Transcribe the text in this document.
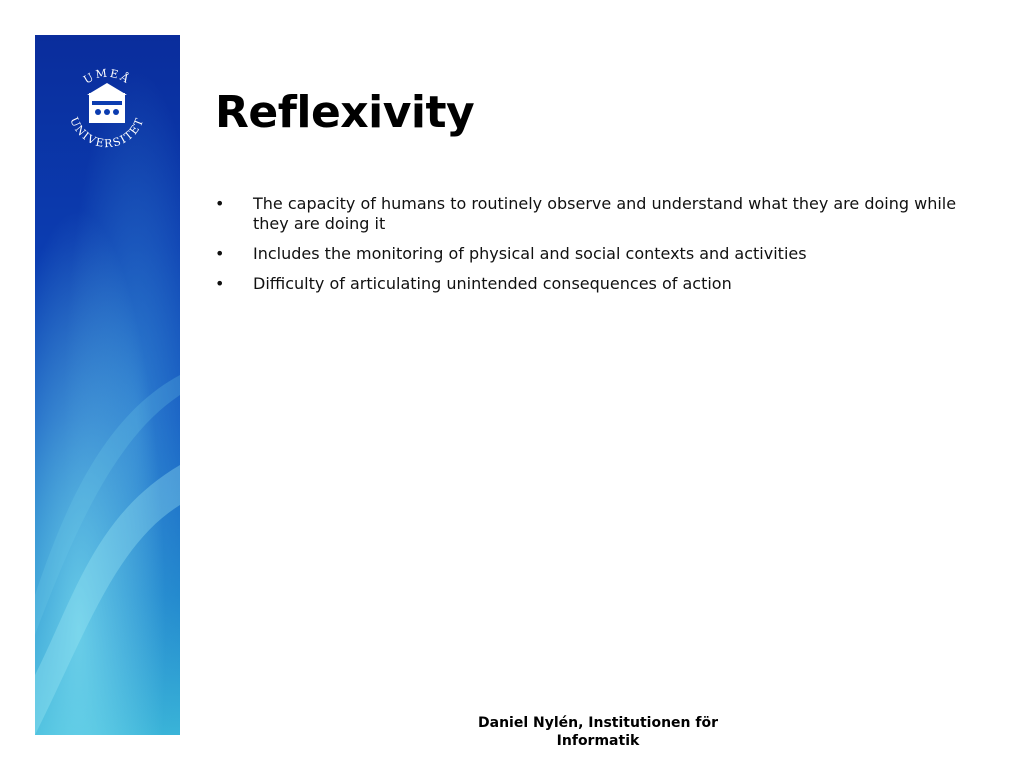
UMEÅ
UNIVERSITET Reflexivity
• The capacity of humans to routinely observe and understand what they are doing while they are doing it
• Includes the monitoring of physical and social contexts and activities
• Difficulty of articulating unintended consequences of action
Daniel Nylén, Institutionen för
Informatik
